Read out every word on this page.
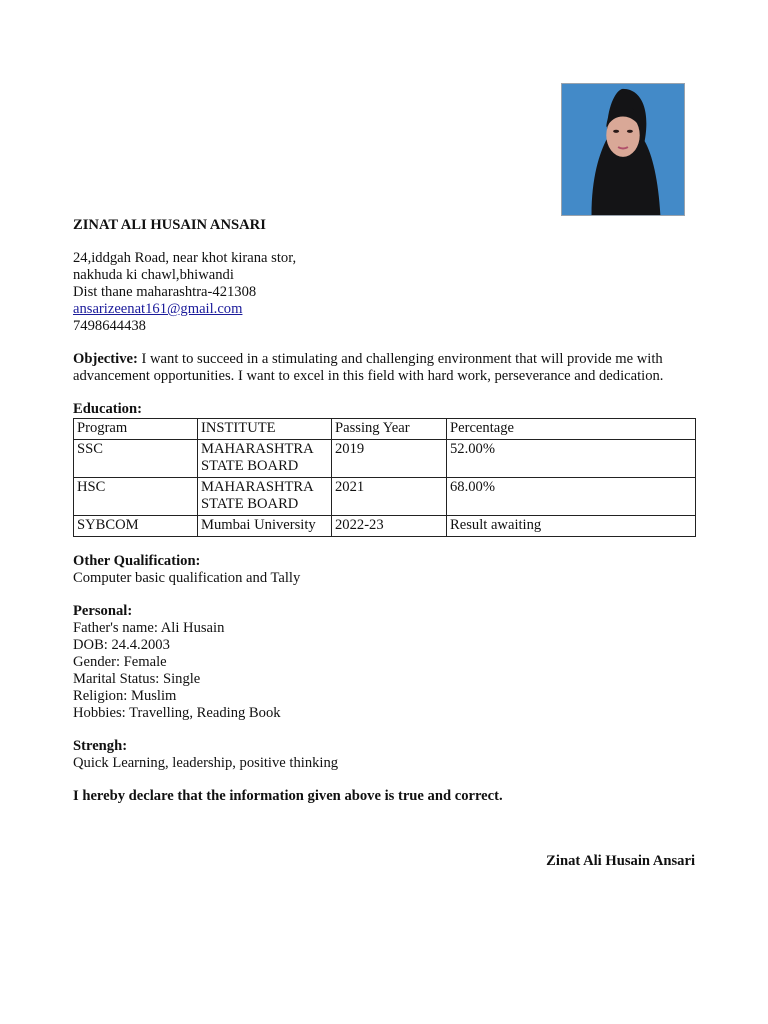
ZINAT ALI HUSAIN ANSARI
24,iddgah Road, near khot kirana stor,
nakhuda ki chawl,bhiwandi
Dist thane maharashtra-421308
ansarizeenat161@gmail.com
7498644438
Objective: I want to succeed in a stimulating and challenging environment that will provide me with advancement opportunities. I want to excel in this field with hard work, perseverance and dedication.
Education:
Program	INSTITUTE	Passing Year	Percentage
SSC	MAHARASHTRA STATE BOARD	2019	52.00%
HSC	MAHARASHTRA STATE BOARD	2021	68.00%
SYBCOM	Mumbai University	2022-23	Result awaiting
Other Qualification:
Computer basic qualification and Tally
Personal:
Father's name: Ali Husain
DOB: 24.4.2003
Gender: Female
Marital Status: Single
Religion: Muslim
Hobbies: Travelling, Reading Book
Strengh:
Quick Learning, leadership, positive thinking
I hereby declare that the information given above is true and correct.
Zinat Ali Husain Ansari
